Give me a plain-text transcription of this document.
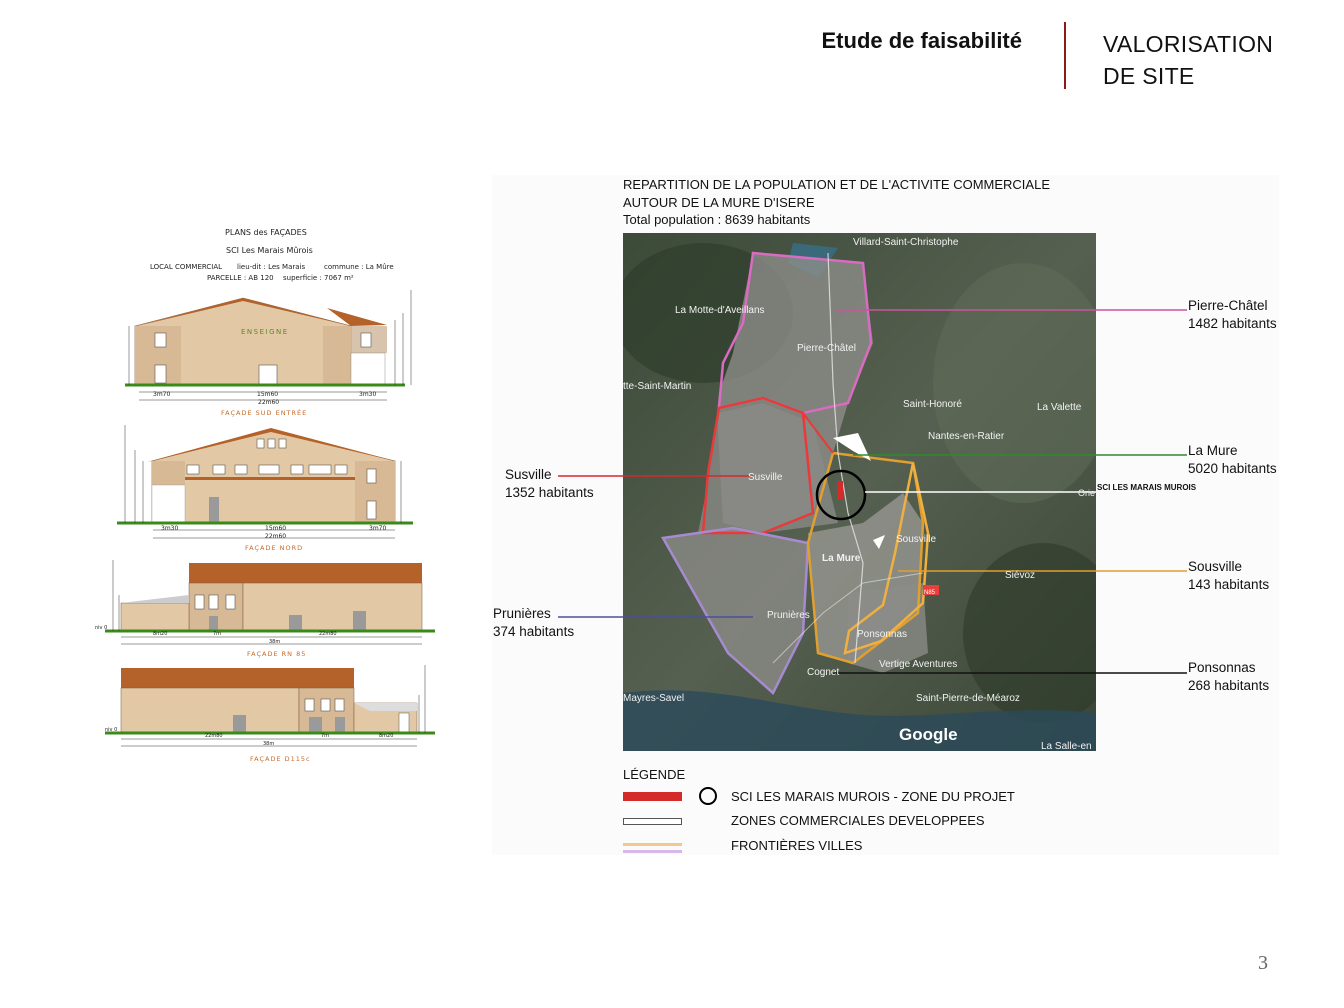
Etude de faisabilité	VALORISATION
DE SITE
PLANS des FAÇADES
SCI Les Marais Mûrois
LOCAL COMMERCIAL lieu-dit : Les Marais	commune : La Mûre
PARCELLE : AB 120 superficie : 7067 m²
ENSEIGNE
3m70	15m60	3m30
22m60
FAÇADE SUD ENTRÉE
3m30	15m60	3m70
22m60
FAÇADE NORD
8m20	7m	22m80
38m
niv 0
FAÇADE RN 85
22m80	7m	8m20
38m
niv 0
FAÇADE D115c
REPARTITION DE LA POPULATION ET DE L'ACTIVITE COMMERCIALE
AUTOUR DE LA MURE D'ISERE
Total population : 8639 habitants
Villard-Saint-Christophe
La Motte-d'Aveillans
Pierre-Châtel
tte-Saint-Martin
Saint-Honoré	La Valette
Nantes-en-Ratier
Susville
La Mure
Sousville
Siévoz
Prunières
Ponsonnas
Vertige Aventures
Cognet
Mayres-Savel	Saint-Pierre-de-Méaroz
La Salle-en
Orie
N85
Google
SCI LES MARAIS MUROIS
Pierre-Châtel
1482 habitants
La Mure
5020 habitants
Susville
1352 habitants
Sousville
143 habitants
Prunières
374 habitants
Ponsonnas
268 habitants
LÉGENDE
SCI LES MARAIS MUROIS - ZONE DU PROJET
ZONES COMMERCIALES DEVELOPPEES
FRONTIÈRES VILLES
3
